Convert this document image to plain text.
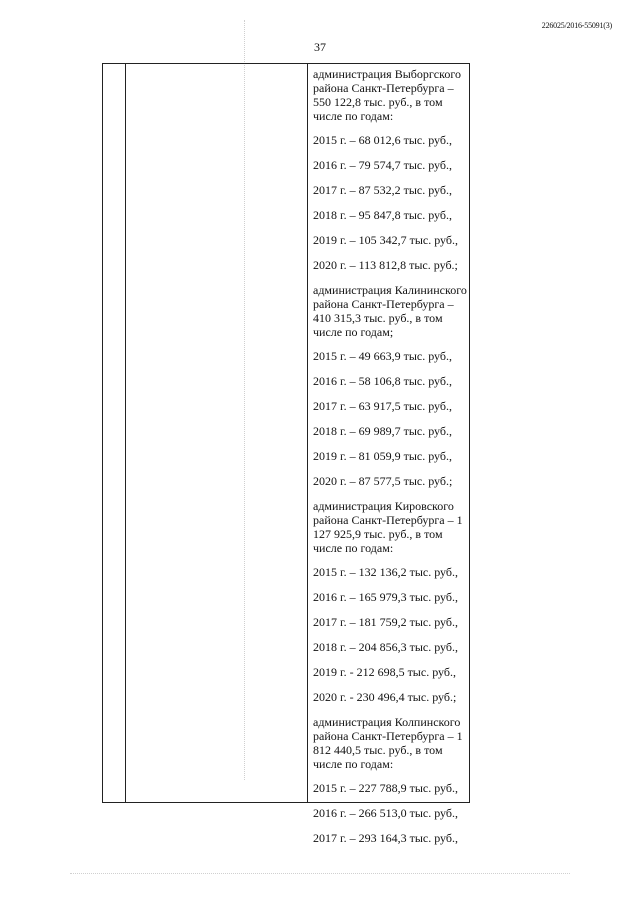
226025/2016-55091(3)
37
администрация Выборгского района Санкт-Петербурга – 550 122,8 тыс. руб., в том числе по годам:
2015 г. – 68 012,6 тыс. руб.,
2016 г. – 79 574,7 тыс. руб.,
2017 г. – 87 532,2 тыс. руб.,
2018 г. – 95 847,8 тыс. руб.,
2019 г. – 105 342,7 тыс. руб.,
2020 г. – 113 812,8 тыс. руб.;
администрация Калининского района Санкт-Петербурга – 410 315,3 тыс. руб., в том числе по годам;
2015 г. – 49 663,9 тыс. руб.,
2016 г. – 58 106,8 тыс. руб.,
2017 г. – 63 917,5 тыс. руб.,
2018 г. – 69 989,7 тыс. руб.,
2019 г. – 81 059,9 тыс. руб.,
2020 г. – 87 577,5 тыс. руб.;
администрация Кировского района Санкт-Петербурга – 1 127 925,9 тыс. руб., в том числе по годам:
2015 г. – 132 136,2 тыс. руб.,
2016 г. – 165 979,3 тыс. руб.,
2017 г. – 181 759,2 тыс. руб.,
2018 г. – 204 856,3 тыс. руб.,
2019 г. - 212 698,5 тыс. руб.,
2020 г. - 230 496,4 тыс. руб.;
администрация Колпинского района Санкт-Петербурга – 1 812 440,5 тыс. руб., в том числе по годам:
2015 г. – 227 788,9 тыс. руб.,
2016 г. – 266 513,0 тыс. руб.,
2017 г. – 293 164,3 тыс. руб.,
